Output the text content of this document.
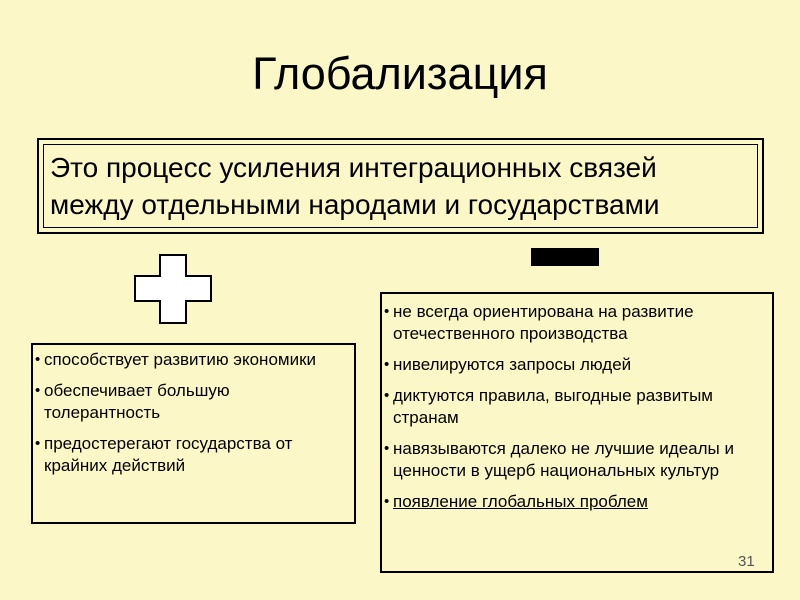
Глобализация
Это процесс усиления интеграционных связей
между отдельными народами и государствами
• способствует развитию экономики
• обеспечивает большую толерантность
• предостерегают государства от крайних действий
• не всегда ориентирована на развитие отечественного производства
• нивелируются запросы людей
• диктуются правила, выгодные развитым странам
• навязываются далеко не лучшие идеалы и ценности в ущерб национальных культур
• появление глобальных проблем
31
